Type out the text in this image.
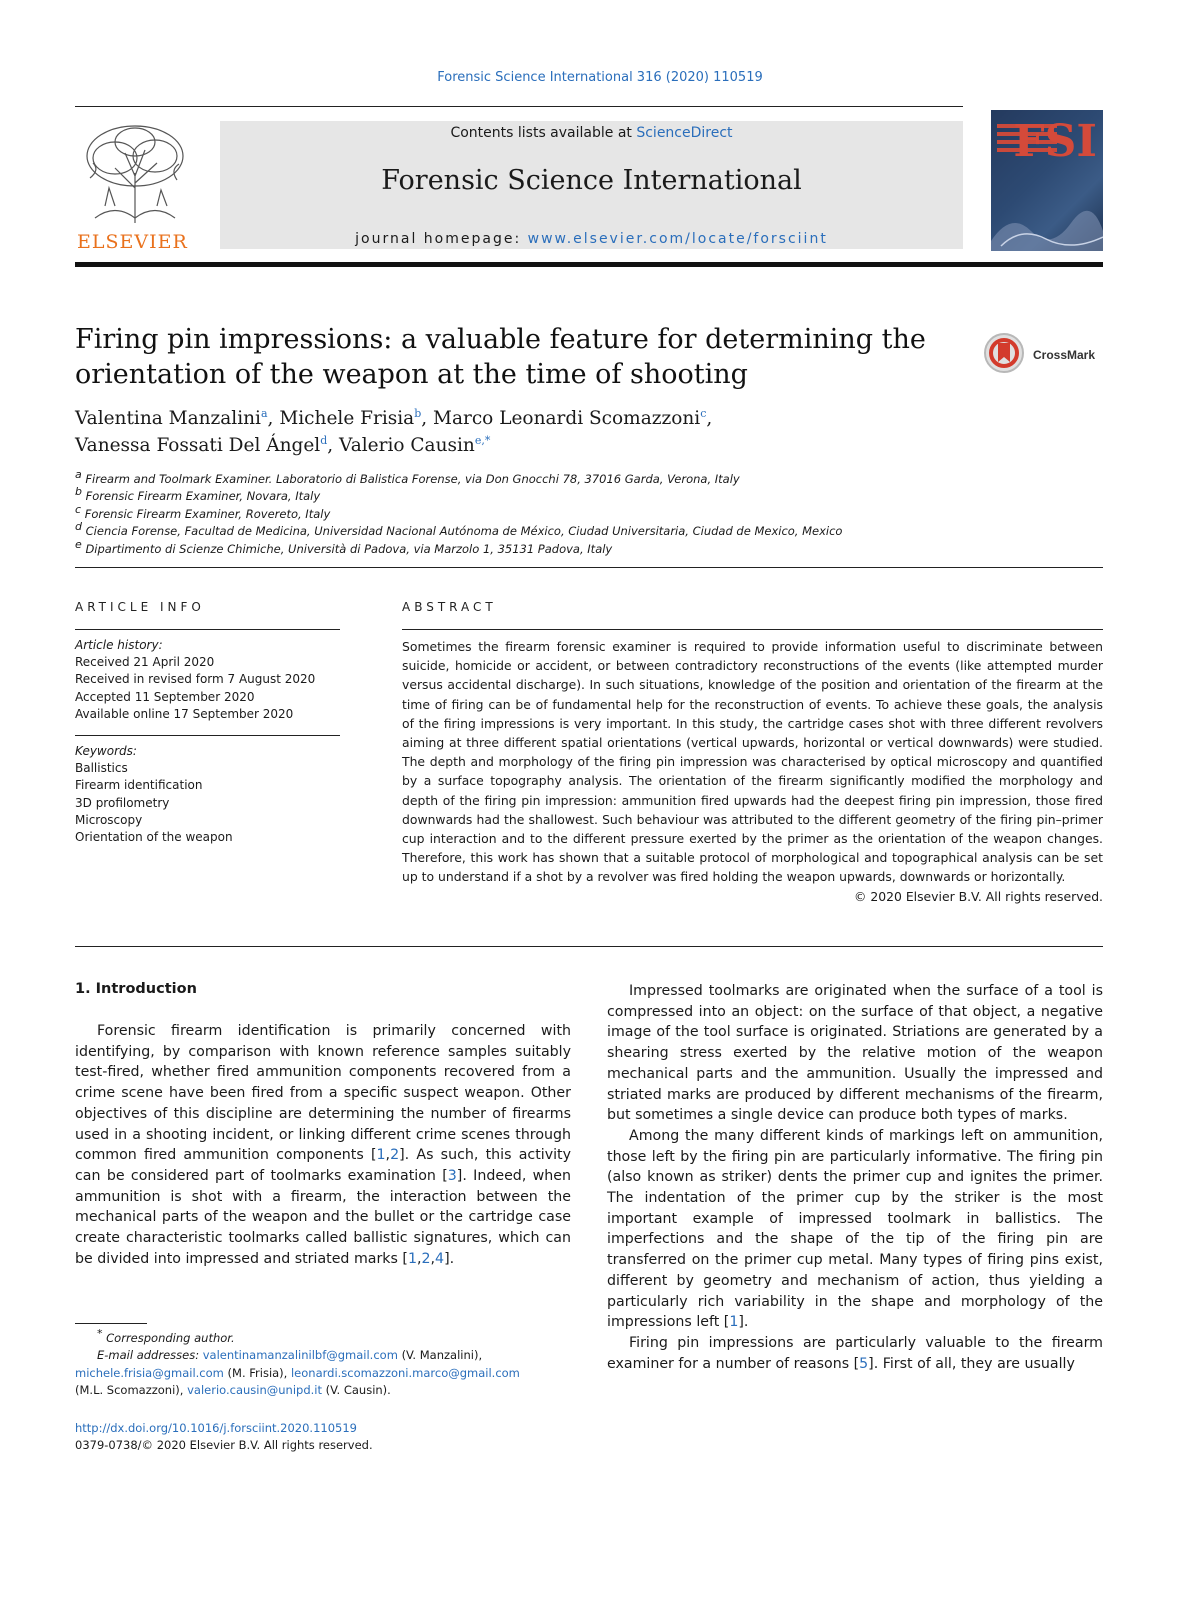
Forensic Science International 316 (2020) 110519
ELSEVIER
Contents lists available at ScienceDirect
Forensic Science International
journal homepage: www.elsevier.com/locate/forsciint
FSI
Firing pin impressions: a valuable feature for determining the orientation of the weapon at the time of shooting
CrossMark
Valentina Manzalini$^a$, Michele Frisia$^b$, Marco Leonardi Scomazzoni$^c$,
Vanessa Fossati Del Ángel$^d$, Valerio Causin$^{e,*}$
$^a$ Firearm and Toolmark Examiner. Laboratorio di Balistica Forense, via Don Gnocchi 78, 37016 Garda, Verona, Italy
$^b$ Forensic Firearm Examiner, Novara, Italy
$^c$ Forensic Firearm Examiner, Rovereto, Italy
$^d$ Ciencia Forense, Facultad de Medicina, Universidad Nacional Autónoma de México, Ciudad Universitaria, Ciudad de Mexico, Mexico
$^e$ Dipartimento di Scienze Chimiche, Università di Padova, via Marzolo 1, 35131 Padova, Italy
ARTICLE INFO
Article history:
Received 21 April 2020
Received in revised form 7 August 2020
Accepted 11 September 2020
Available online 17 September 2020
Keywords:
Ballistics
Firearm identification
3D profilometry
Microscopy
Orientation of the weapon
ABSTRACT
Sometimes the firearm forensic examiner is required to provide information useful to discriminate between suicide, homicide or accident, or between contradictory reconstructions of the events (like attempted murder versus accidental discharge). In such situations, knowledge of the position and orientation of the firearm at the time of firing can be of fundamental help for the reconstruction of events. To achieve these goals, the analysis of the firing impressions is very important. In this study, the cartridge cases shot with three different revolvers aiming at three different spatial orientations (vertical upwards, horizontal or vertical downwards) were studied. The depth and morphology of the firing pin impression was characterised by optical microscopy and quantified by a surface topography analysis. The orientation of the firearm significantly modified the morphology and depth of the firing pin impression: ammunition fired upwards had the deepest firing pin impression, those fired downwards had the shallowest. Such behaviour was attributed to the different geometry of the firing pin–primer cup interaction and to the different pressure exerted by the primer as the orientation of the weapon changes. Therefore, this work has shown that a suitable protocol of morphological and topographical analysis can be set up to understand if a shot by a revolver was fired holding the weapon upwards, downwards or horizontally.
© 2020 Elsevier B.V. All rights reserved.
1. Introduction

Forensic firearm identification is primarily concerned with identifying, by comparison with known reference samples suitably test-fired, whether fired ammunition components recovered from a crime scene have been fired from a specific suspect weapon. Other objectives of this discipline are determining the number of firearms used in a shooting incident, or linking different crime scenes through common fired ammunition components [1,2]. As such, this activity can be considered part of toolmarks examination [3]. Indeed, when ammunition is shot with a firearm, the interaction between the mechanical parts of the weapon and the bullet or the cartridge case create characteristic toolmarks called ballistic signatures, which can be divided into impressed and striated marks [1,2,4].

Impressed toolmarks are originated when the surface of a tool is compressed into an object: on the surface of that object, a negative image of the tool surface is originated. Striations are generated by a shearing stress exerted by the relative motion of the weapon mechanical parts and the ammunition. Usually the impressed and striated marks are produced by different mechanisms of the firearm, but sometimes a single device can produce both types of marks.

Among the many different kinds of markings left on ammunition, those left by the firing pin are particularly informative. The firing pin (also known as striker) dents the primer cup and ignites the primer. The indentation of the primer cup by the striker is the most important example of impressed toolmark in ballistics. The imperfections and the shape of the tip of the firing pin are transferred on the primer cup metal. Many types of firing pins exist, different by geometry and mechanism of action, thus yielding a particularly rich variability in the shape and morphology of the impressions left [1].

Firing pin impressions are particularly valuable to the firearm examiner for a number of reasons [5]. First of all, they are usually

* Corresponding author.
E-mail addresses: valentinamanzalinilbf@gmail.com (V. Manzalini),
michele.frisia@gmail.com (M. Frisia), leonardi.scomazzoni.marco@gmail.com
(M.L. Scomazzoni), valerio.causin@unipd.it (V. Causin).
http://dx.doi.org/10.1016/j.forsciint.2020.110519
0379-0738/© 2020 Elsevier B.V. All rights reserved.
